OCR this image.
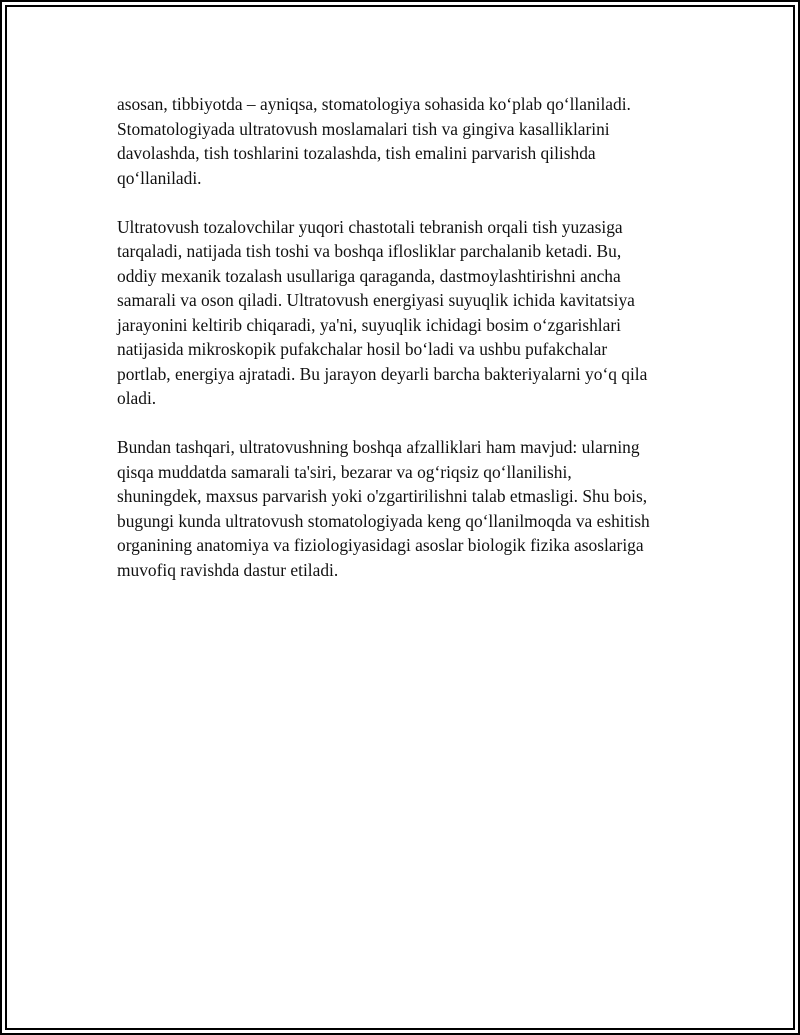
asosan, tibbiyotda – ayniqsa, stomatologiya sohasida ko‘plab qo‘llaniladi.
Stomatologiyada ultratovush moslamalari tish va gingiva kasalliklarini
davolashda, tish toshlarini tozalashda, tish emalini parvarish qilishda
qo‘llaniladi.

Ultratovush tozalovchilar yuqori chastotali tebranish orqali tish yuzasiga
tarqaladi, natijada tish toshi va boshqa iflosliklar parchalanib ketadi. Bu,
oddiy mexanik tozalash usullariga qaraganda, dastmoylashtirishni ancha
samarali va oson qiladi. Ultratovush energiyasi suyuqlik ichida kavitatsiya
jarayonini keltirib chiqaradi, ya'ni, suyuqlik ichidagi bosim o‘zgarishlari
natijasida mikroskopik pufakchalar hosil bo‘ladi va ushbu pufakchalar
portlab, energiya ajratadi. Bu jarayon deyarli barcha bakteriyalarni yo‘q qila
oladi.

Bundan tashqari, ultratovushning boshqa afzalliklari ham mavjud: ularning
qisqa muddatda samarali ta'siri, bezarar va og‘riqsiz qo‘llanilishi,
shuningdek, maxsus parvarish yoki o'zgartirilishni talab etmasligi. Shu bois,
bugungi kunda ultratovush stomatologiyada keng qo‘llanilmoqda va eshitish
organining anatomiya va fiziologiyasidagi asoslar biologik fizika asoslariga
muvofiq ravishda dastur etiladi.
